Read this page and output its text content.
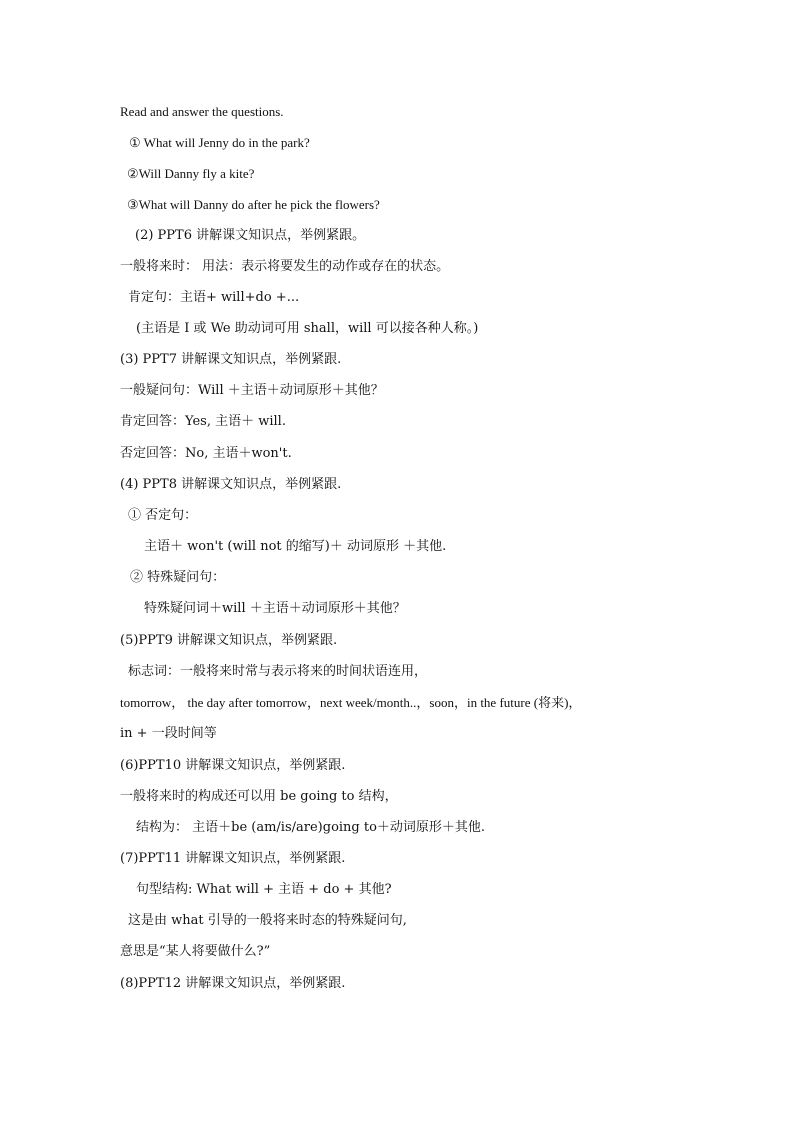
Read and answer the questions.
① What will Jenny do in the park?
②Will Danny fly a kite?
③What will Danny do after he pick the flowers?
(2) PPT6 讲解课文知识点，举例紧跟。
一般将来时： 用法：表示将要发生的动作或存在的状态。
肯定句：主语+ will+do +...
(主语是 I 或 We 助动词可用 shall，will 可以接各种人称。)
(3) PPT7 讲解课文知识点，举例紧跟.
一般疑问句：Will ＋主语＋动词原形＋其他？
肯定回答：Yes, 主语＋ will.
否定回答：No, 主语＋won't.
(4) PPT8 讲解课文知识点，举例紧跟.
① 否定句：
主语＋ won't (will not 的缩写)＋ 动词原形 ＋其他.
② 特殊疑问句：
特殊疑问词＋will ＋主语＋动词原形＋其他？
(5)PPT9 讲解课文知识点，举例紧跟.
标志词：一般将来时常与表示将来的时间状语连用，
tomorrow， the day after tomorrow，next week/month..，soon，in the future (将来)，
in + 一段时间等
(6)PPT10 讲解课文知识点，举例紧跟.
一般将来时的构成还可以用 be going to 结构，
结构为： 主语＋be (am/is/are)going to＋动词原形＋其他.
(7)PPT11 讲解课文知识点，举例紧跟.
句型结构: What will + 主语 + do + 其他?
这是由 what 引导的一般将来时态的特殊疑问句,
意思是“某人将要做什么?”
(8)PPT12 讲解课文知识点，举例紧跟.
